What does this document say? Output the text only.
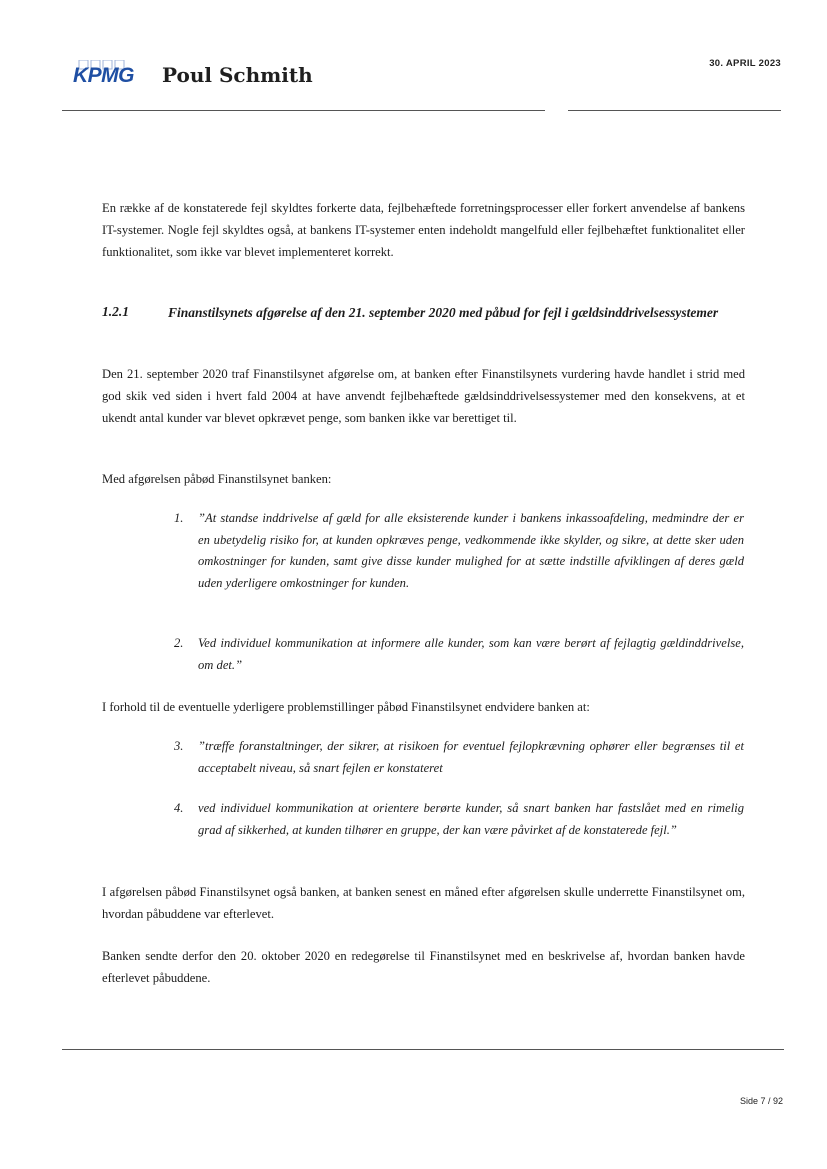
KPMG Poul Schmith	30. APRIL 2023
En række af de konstaterede fejl skyldtes forkerte data, fejlbehæftede forretningsprocesser eller forkert anvendelse af bankens IT-systemer. Nogle fejl skyldtes også, at bankens IT-systemer enten indeholdt mangelfuld eller fejlbehæftet funktionalitet eller funktionalitet, som ikke var blevet implementeret korrekt.
1.2.1	Finanstilsynets afgørelse af den 21. september 2020 med påbud for fejl i gældsinddrivelsessystemer
Den 21. september 2020 traf Finanstilsynet afgørelse om, at banken efter Finanstilsynets vurdering havde handlet i strid med god skik ved siden i hvert fald 2004 at have anvendt fejlbehæftede gældsinddrivelsessystemer med den konsekvens, at et ukendt antal kunder var blevet opkrævet penge, som banken ikke var berettiget til.
Med afgørelsen påbød Finanstilsynet banken:
1. ”At standse inddrivelse af gæld for alle eksisterende kunder i bankens inkassoafdeling, medmindre der er en ubetydelig risiko for, at kunden opkræves penge, vedkommende ikke skylder, og sikre, at dette sker uden omkostninger for kunden, samt give disse kunder mulighed for at sætte indstille afviklingen af deres gæld uden yderligere omkostninger for kunden.
2. Ved individuel kommunikation at informere alle kunder, som kan være berørt af fejlagtig gældinddrivelse, om det.”
I forhold til de eventuelle yderligere problemstillinger påbød Finanstilsynet endvidere banken at:
3. ”træffe foranstaltninger, der sikrer, at risikoen for eventuel fejlopkrævning ophører eller begrænses til et acceptabelt niveau, så snart fejlen er konstateret
4. ved individuel kommunikation at orientere berørte kunder, så snart banken har fastslået med en rimelig grad af sikkerhed, at kunden tilhører en gruppe, der kan være påvirket af de konstaterede fejl.”
I afgørelsen påbød Finanstilsynet også banken, at banken senest en måned efter afgørelsen skulle underrette Finanstilsynet om, hvordan påbuddene var efterlevet.
Banken sendte derfor den 20. oktober 2020 en redegørelse til Finanstilsynet med en beskrivelse af, hvordan banken havde efterlevet påbuddene.
Side 7 / 92
